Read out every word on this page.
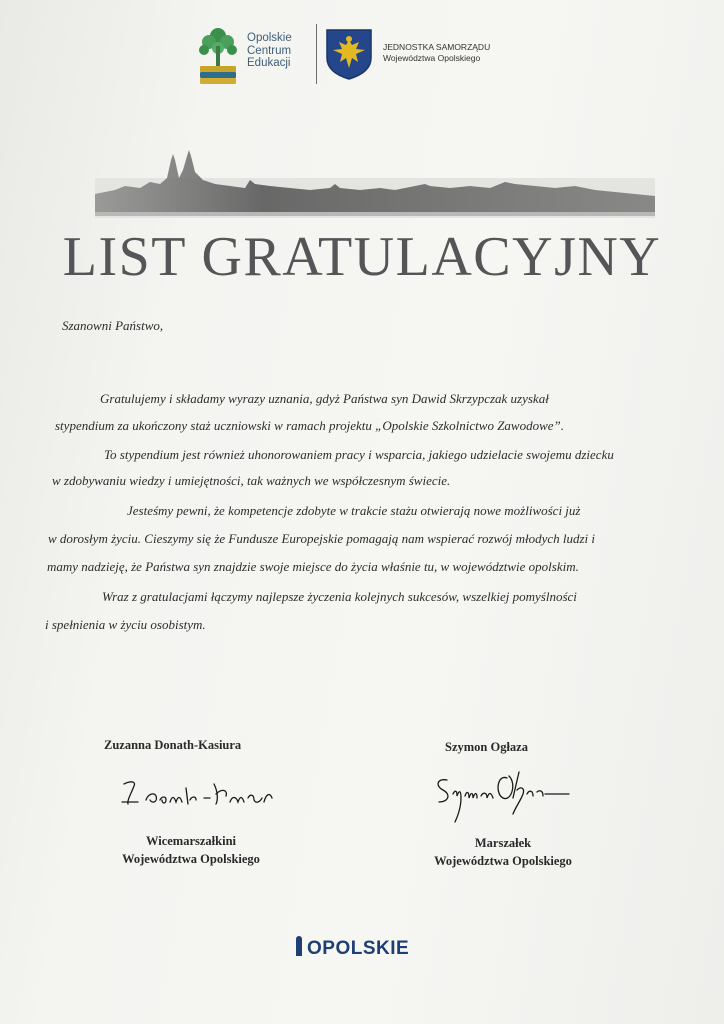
Opolskie
Centrum
Edukacji
JEDNOSTKA SAMORZĄDU
Województwa Opolskiego
LIST GRATULACYJNY
Szanowni Państwo,
Gratulujemy i składamy wyrazy uznania, gdyż Państwa syn Dawid Skrzypczak uzyskał
stypendium za ukończony staż uczniowski w ramach projektu „Opolskie Szkolnictwo Zawodowe”.
To stypendium jest również uhonorowaniem pracy i wsparcia, jakiego udzielacie swojemu dziecku
w zdobywaniu wiedzy i umiejętności, tak ważnych we współczesnym świecie.
Jesteśmy pewni, że kompetencje zdobyte w trakcie stażu otwierają nowe możliwości już
w dorosłym życiu. Cieszymy się że Fundusze Europejskie pomagają nam wspierać rozwój młodych ludzi i
mamy nadzieję, że Państwa syn znajdzie swoje miejsce do życia właśnie tu, w województwie opolskim.
Wraz z gratulacjami łączymy najlepsze życzenia kolejnych sukcesów, wszelkiej pomyślności
i spełnienia w życiu osobistym.
Zuzanna Donath-Kasiura
Wicemarszałkini
Województwa Opolskiego
Szymon Ogłaza
Marszałek
Województwa Opolskiego
OPOLSKIE
